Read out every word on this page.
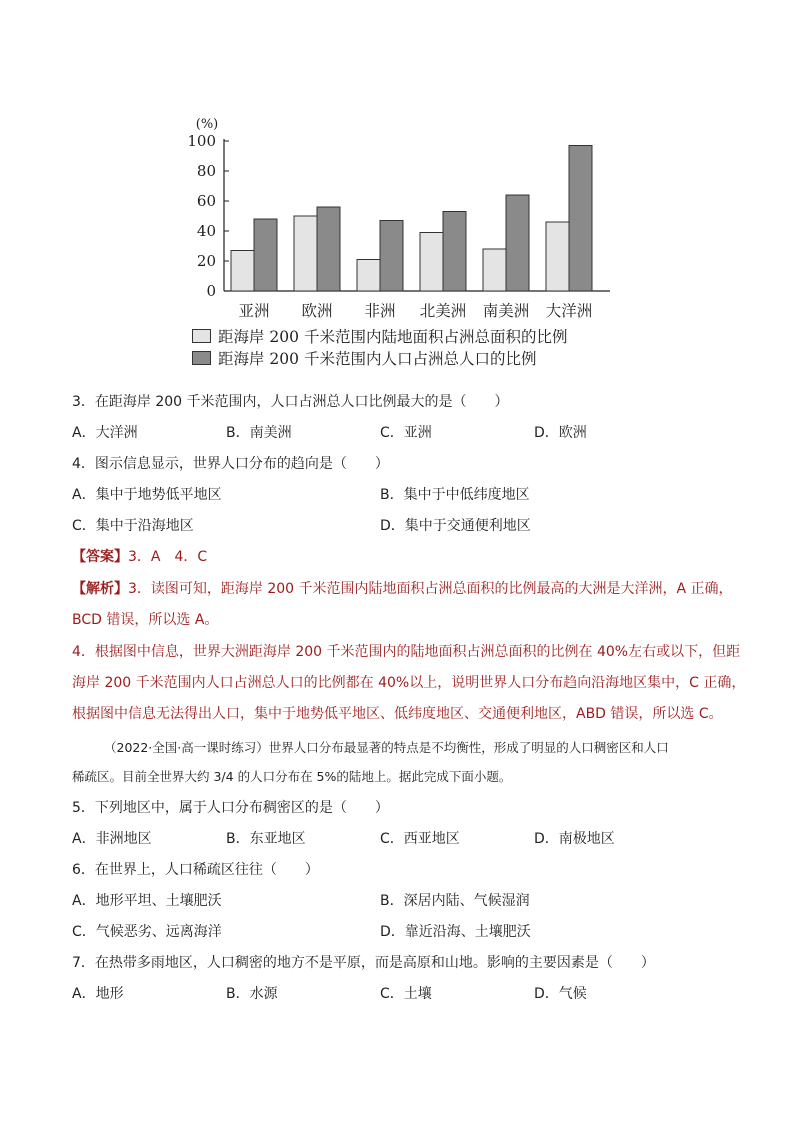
(%)
0
20
40
60
80
100
亚洲 欧洲 非洲 北美洲 南美洲 大洋洲
距海岸 200 千米范围内陆地面积占洲总面积的比例
距海岸 200 千米范围内人口占洲总人口的比例
3．在距海岸 200 千米范围内，人口占洲总人口比例最大的是（　　）
A．大洋洲	B．南美洲	C．亚洲	D．欧洲
4．图示信息显示，世界人口分布的趋向是（　　）
A．集中于地势低平地区	B．集中于中低纬度地区
C．集中于沿海地区	D．集中于交通便利地区
【答案】3．A　4．C
【解析】3．读图可知，距海岸 200 千米范围内陆地面积占洲总面积的比例最高的大洲是大洋洲，A 正确，
BCD 错误，所以选 A。
4．根据图中信息，世界大洲距海岸 200 千米范围内的陆地面积占洲总面积的比例在 40%左右或以下，但距
海岸 200 千米范围内人口占洲总人口的比例都在 40%以上，说明世界人口分布趋向沿海地区集中，C 正确，
根据图中信息无法得出人口，集中于地势低平地区、低纬度地区、交通便利地区，ABD 错误，所以选 C。
（2022·全国·高一课时练习）世界人口分布最显著的特点是不均衡性，形成了明显的人口稠密区和人口
稀疏区。目前全世界大约 3/4 的人口分布在 5%的陆地上。据此完成下面小题。
5．下列地区中，属于人口分布稠密区的是（　　）
A．非洲地区	B．东亚地区	C．西亚地区	D．南极地区
6．在世界上，人口稀疏区往往（　　）
A．地形平坦、土壤肥沃	B．深居内陆、气候湿润
C．气候恶劣、远离海洋	D．靠近沿海、土壤肥沃
7．在热带多雨地区，人口稠密的地方不是平原，而是高原和山地。影响的主要因素是（　　）
A．地形	B．水源	C．土壤	D．气候
